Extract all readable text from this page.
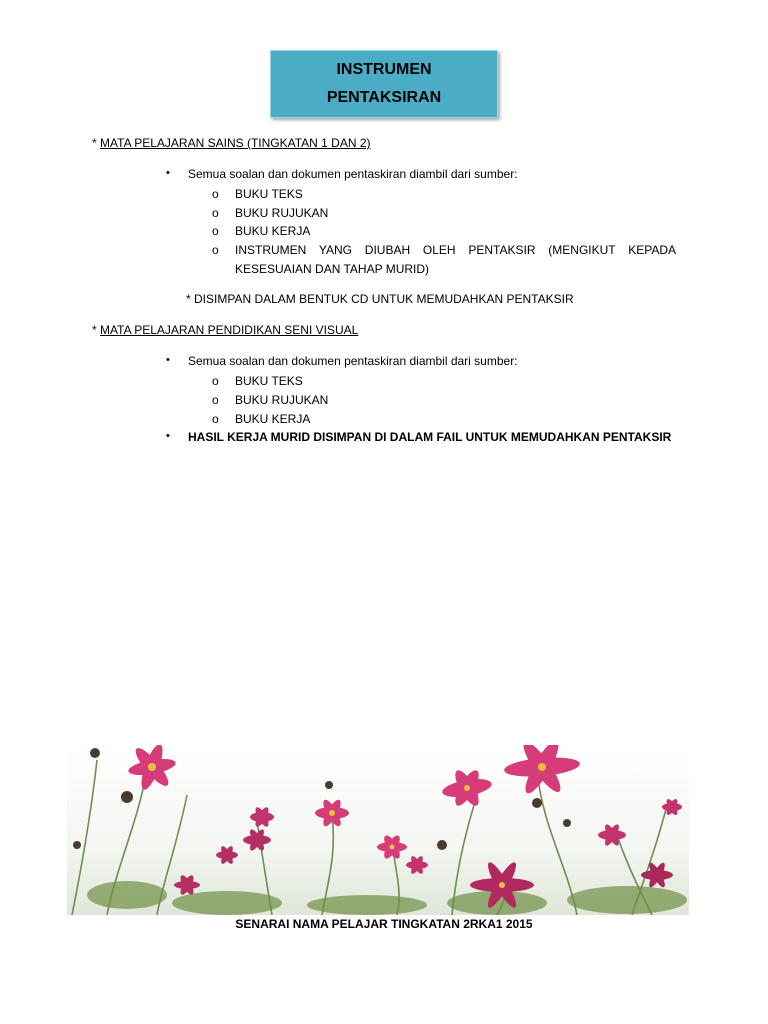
INSTRUMEN
PENTAKSIRAN
* MATA PELAJARAN SAINS (TINGKATAN 1 DAN 2)
•	Semua soalan dan dokumen pentaskiran diambil dari sumber:
o	BUKU TEKS
o	BUKU RUJUKAN
o	BUKU KERJA
o	INSTRUMEN YANG DIUBAH OLEH PENTAKSIR (MENGIKUT KEPADA KESESUAIAN DAN TAHAP MURID)
* DISIMPAN DALAM BENTUK CD UNTUK MEMUDAHKAN PENTAKSIR
* MATA PELAJARAN PENDIDIKAN SENI VISUAL
•	Semua soalan dan dokumen pentaskiran diambil dari sumber:
o	BUKU TEKS
o	BUKU RUJUKAN
o	BUKU KERJA
•	HASIL KERJA MURID DISIMPAN DI DALAM FAIL UNTUK MEMUDAHKAN PENTAKSIR
SENARAI NAMA PELAJAR TINGKATAN 2RKA1 2015
